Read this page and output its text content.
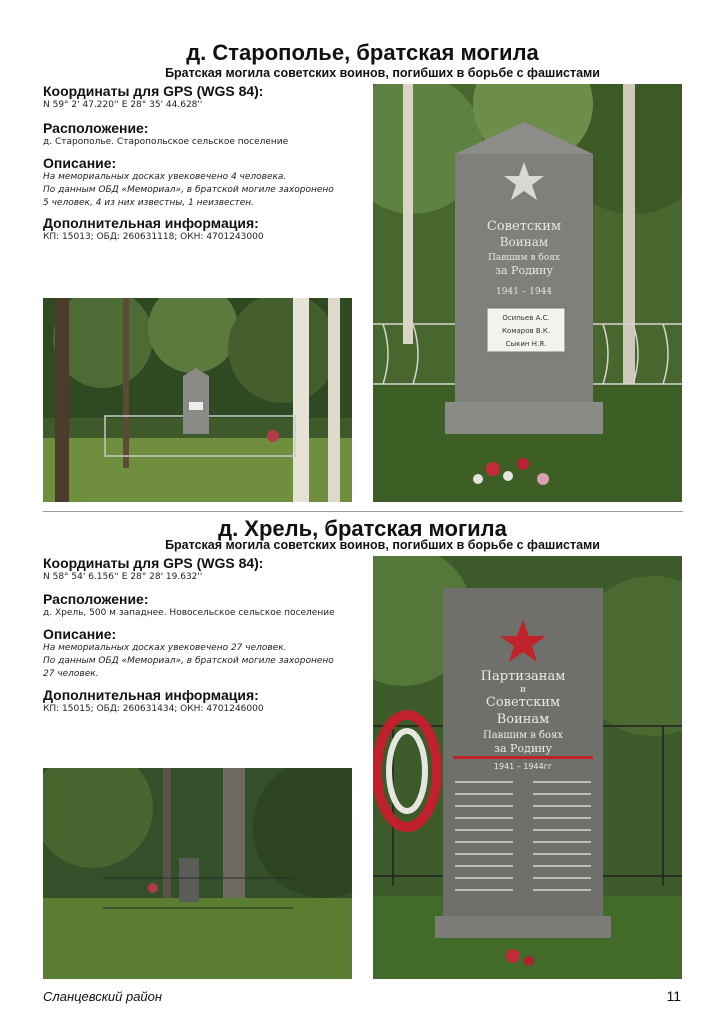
д. Старополье, братская могила
Братская могила советских воинов, погибших в борьбе с фашистами
Координаты для GPS (WGS 84):
N 59° 2' 47.220'' E 28° 35' 44.628''
Расположение:
д. Старополье. Старопольское сельское поселение
Описание:
На мемориальных досках увековечено 4 человека.
По данным ОБД «Мемориал», в братской могиле захоронено
5 человек, 4 из них известны, 1 неизвестен.
Дополнительная информация:
КП: 15013; ОБД: 260631118; ОКН: 4701243000
Советским
Воинам
Павшим в боях
за Родину
1941 – 1944
Осипьев А.С.
Комаров В.К.
Сыкин Н.Я.
д. Хрель, братская могила
Братская могила советских воинов, погибших в борьбе с фашистами
Координаты для GPS (WGS 84):
N 58° 54' 6.156'' E 28° 28' 19.632''
Расположение:
д. Хрель, 500 м западнее. Новосельское сельское поселение
Описание:
На мемориальных досках увековечено 27 человек.
По данным ОБД «Мемориал», в братской могиле захоронено
27 человек.
Дополнительная информация:
КП: 15015; ОБД: 260631434; ОКН: 4701246000
Партизанам
и
Советским
Воинам
Павшим в боях
за Родину
1941 – 1944гг
Сланцевский район	11
